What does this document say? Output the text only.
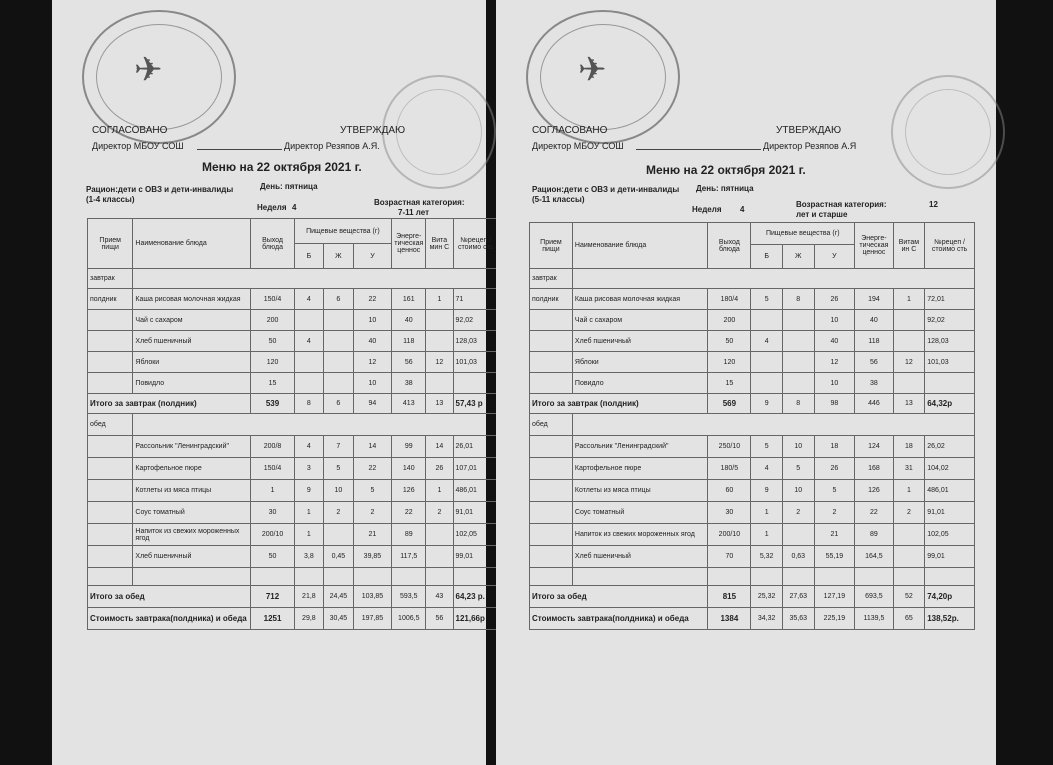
✈
СОГЛАСОВАНО	УТВЕРЖДАЮ
Директор МБОУ СОШ	Директор Резяпов А.Я.
Меню на 22 октября 2021 г.
Рацион:дети с ОВЗ и дети-инвалиды (1-4 классы)
День: пятница
Неделя 4
Возрастная категория:
7-11 лет
Прием пищи	Наименование блюда	Выход блюда	Пищевые вещества (г)			Энерге-тическая ценнос	Вита мин С	№рецеп /стоимо сть
			Б	Ж	У			
завтрак								
полдник	Каша рисовая молочная жидкая	150/4	4	6	22	161	1	71
	Чай с сахаром	200			10	40		92,02
	Хлеб пшеничный	50	4		40	118		128,03
	Яблоки	120			12	56	12	101,03
	Повидло	15			10	38		
Итого за завтрак (полдник)		539	8	6	94	413	13	57,43 р
обед								
	Рассольник "Ленинградский"	200/8	4	7	14	99	14	26,01
	Картофельное пюре	150/4	3	5	22	140	26	107,01
	Котлеты из мяса птицы	1	9	10	5	126	1	486,01
	Соус томатный	30	1	2	2	22	2	91,01
	Напиток из свежих мороженных ягод	200/10	1		21	89		102,05
	Хлеб пшеничный	50	3,8	0,45	39,85	117,5		99,01

Итого за обед		712	21,8	24,45	103,85	593,5	43	64,23 р.
Стоимость завтрака(полдника) и обеда		1251	29,8	30,45	197,85	1006,5	56	121,66р
✈
СОГЛАСОВАНО	УТВЕРЖДАЮ
Директор МБОУ СОШ	Директор Резяпов А.Я
Меню на 22 октября 2021 г.
Рацион:дети с ОВЗ и дети-инвалиды (5-11 классы)
День: пятница
Неделя 4
Возрастная категория:	12
лет и старше
Прием пищи	Наименование блюда	Выход блюда	Пищевые вещества (г)			Энерге-тическая ценнос	Витам ин С	№рецеп /стоимо сть
			Б	Ж	У			
завтрак								
полдник	Каша рисовая молочная жидкая	180/4	5	8	26	194	1	72,01
	Чай с сахаром	200			10	40		92,02
	Хлеб пшеничный	50	4		40	118		128,03
	Яблоки	120			12	56	12	101,03
	Повидло	15			10	38		
Итого за завтрак (полдник)		569	9	8	98	446	13	64,32р
обед								
	Рассольник "Ленинградский"	250/10	5	10	18	124	18	26,02
	Картофельное пюре	180/5	4	5	26	168	31	104,02
	Котлеты из мяса птицы	60	9	10	5	126	1	486,01
	Соус томатный	30	1	2	2	22	2	91,01
	Напиток из свежих мороженных ягод	200/10	1		21	89		102,05
	Хлеб пшеничный	70	5,32	0,63	55,19	164,5		99,01

Итого за обед		815	25,32	27,63	127,19	693,5	52	74,20р
Стоимость завтрака(полдника) и обеда		1384	34,32	35,63	225,19	1139,5	65	138,52р.
